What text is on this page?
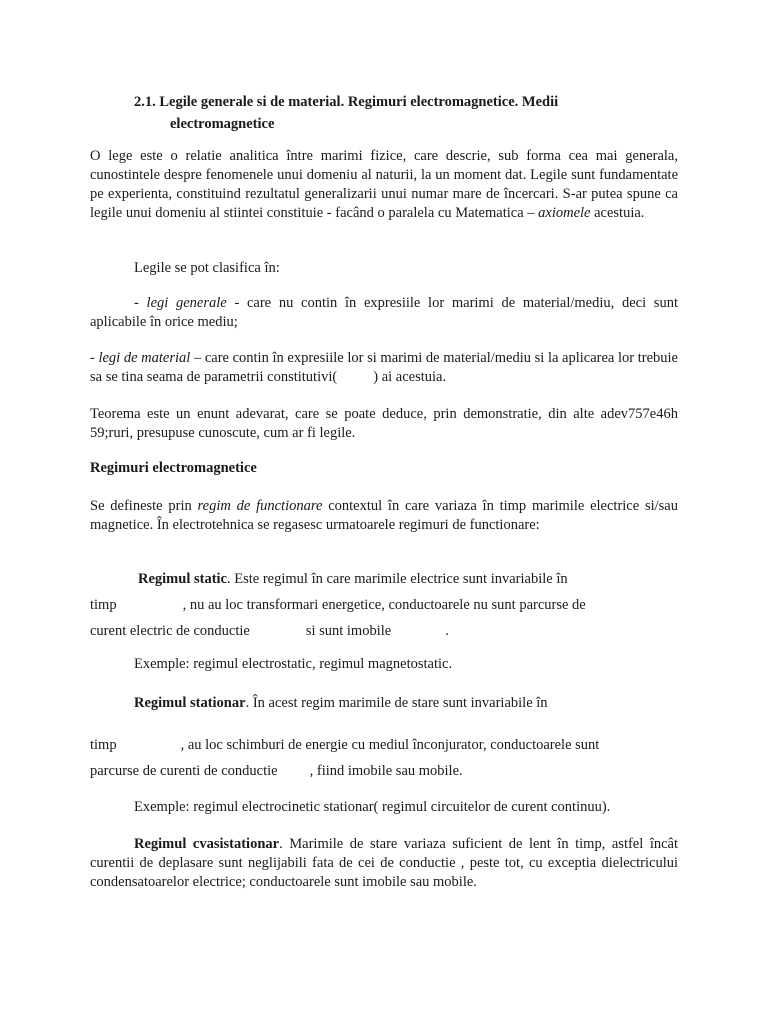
2.1. Legile generale si de material. Regimuri electromagnetice. Medii
electromagnetice

O lege este o relatie analitica între marimi fizice, care descrie, sub forma cea mai generala, cunostintele despre fenomenele unui domeniu al naturii, la un moment dat. Legile sunt fundamentate pe experienta, constituind rezultatul generalizarii unui numar mare de încercari. S-ar putea spune ca legile unui domeniu al stiintei constituie - facând o paralela cu Matematica – axiomele acestuia.

Legile se pot clasifica în:

- legi generale - care nu contin în expresiile lor marimi de material/mediu, deci sunt aplicabile în orice mediu;

- legi de material – care contin în expresiile lor si marimi de material/mediu si la aplicarea lor trebuie sa se tina seama de parametrii constitutivi( ) ai acestuia.

Teorema este un enunt adevarat, care se poate deduce, prin demonstratie, din alte adev757e46h 59;ruri, presupuse cunoscute, cum ar fi legile.

Regimuri electromagnetice

Se defineste prin regim de functionare contextul în care variaza în timp marimile electrice si/sau magnetice. În electrotehnica se regasesc urmatoarele regimuri de functionare:

Regimul static. Este regimul în care marimile electrice sunt invariabile în
timp	, nu au loc transformari energetice, conductoarele nu sunt parcurse de
curent electric de conductie	si sunt imobile	.

Exemple: regimul electrostatic, regimul magnetostatic.

Regimul stationar. În acest regim marimile de stare sunt invariabile în
timp	, au loc schimburi de energie cu mediul înconjurator, conductoarele sunt
parcurse de curenti de conductie , fiind imobile sau mobile.

Exemple: regimul electrocinetic stationar( regimul circuitelor de curent continuu).

Regimul cvasistationar. Marimile de stare variaza suficient de lent în timp, astfel încât curentii de deplasare sunt neglijabili fata de cei de conductie , peste tot, cu exceptia dielectricului condensatoarelor electrice; conductoarele sunt imobile sau mobile.
